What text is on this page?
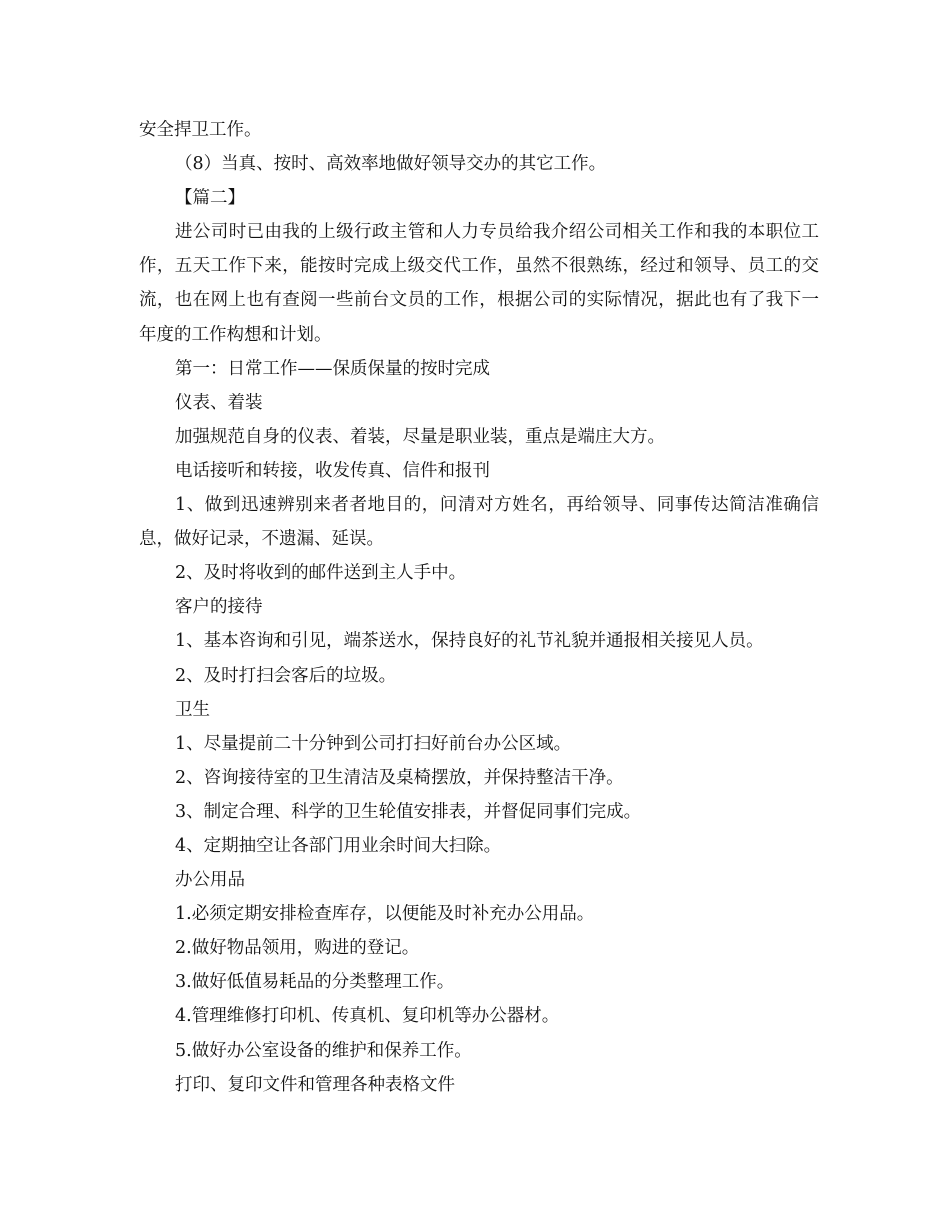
安全捍卫工作。

（8）当真、按时、高效率地做好领导交办的其它工作。

【篇二】

进公司时已由我的上级行政主管和人力专员给我介绍公司相关工作和我的本职位工作，五天工作下来，能按时完成上级交代工作，虽然不很熟练，经过和领导、员工的交流，也在网上也有查阅一些前台文员的工作，根据公司的实际情况，据此也有了我下一年度的工作构想和计划。

第一：日常工作——保质保量的按时完成

仪表、着装

加强规范自身的仪表、着装，尽量是职业装，重点是端庄大方。

电话接听和转接，收发传真、信件和报刊

1、做到迅速辨别来者者地目的，问清对方姓名，再给领导、同事传达简洁准确信息，做好记录，不遗漏、延误。

2、及时将收到的邮件送到主人手中。

客户的接待

1、基本咨询和引见，端茶送水，保持良好的礼节礼貌并通报相关接见人员。

2、及时打扫会客后的垃圾。

卫生

1、尽量提前二十分钟到公司打扫好前台办公区域。

2、咨询接待室的卫生清洁及桌椅摆放，并保持整洁干净。

3、制定合理、科学的卫生轮值安排表，并督促同事们完成。

4、定期抽空让各部门用业余时间大扫除。

办公用品

1.必须定期安排检查库存，以便能及时补充办公用品。

2.做好物品领用，购进的登记。

3.做好低值易耗品的分类整理工作。

4.管理维修打印机、传真机、复印机等办公器材。

5.做好办公室设备的维护和保养工作。

打印、复印文件和管理各种表格文件
